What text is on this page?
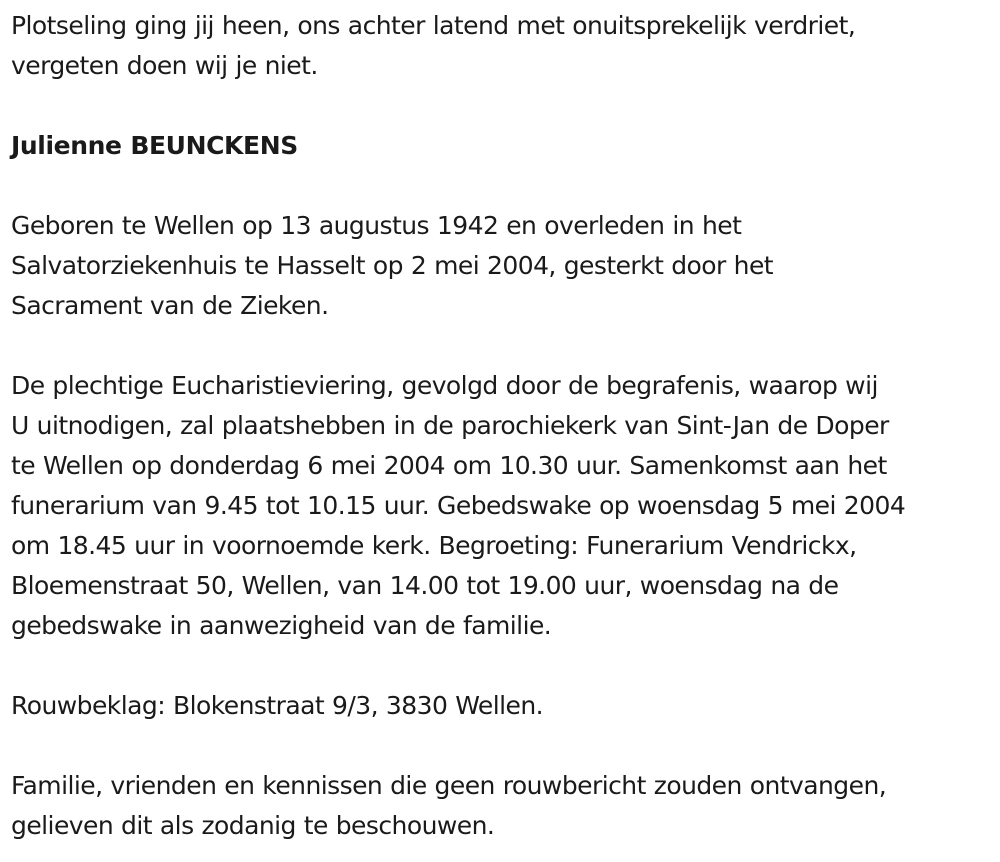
Plotseling ging jij heen, ons achter latend met onuitsprekelijk verdriet,
vergeten doen wij je niet.

Julienne BEUNCKENS

Geboren te Wellen op 13 augustus 1942 en overleden in het
Salvatorziekenhuis te Hasselt op 2 mei 2004, gesterkt door het
Sacrament van de Zieken.

De plechtige Eucharistieviering, gevolgd door de begrafenis, waarop wij
U uitnodigen, zal plaatshebben in de parochiekerk van Sint-Jan de Doper
te Wellen op donderdag 6 mei 2004 om 10.30 uur. Samenkomst aan het
funerarium van 9.45 tot 10.15 uur. Gebedswake op woensdag 5 mei 2004
om 18.45 uur in voornoemde kerk. Begroeting: Funerarium Vendrickx,
Bloemenstraat 50, Wellen, van 14.00 tot 19.00 uur, woensdag na de
gebedswake in aanwezigheid van de familie.

Rouwbeklag: Blokenstraat 9/3, 3830 Wellen.

Familie, vrienden en kennissen die geen rouwbericht zouden ontvangen,
gelieven dit als zodanig te beschouwen.
